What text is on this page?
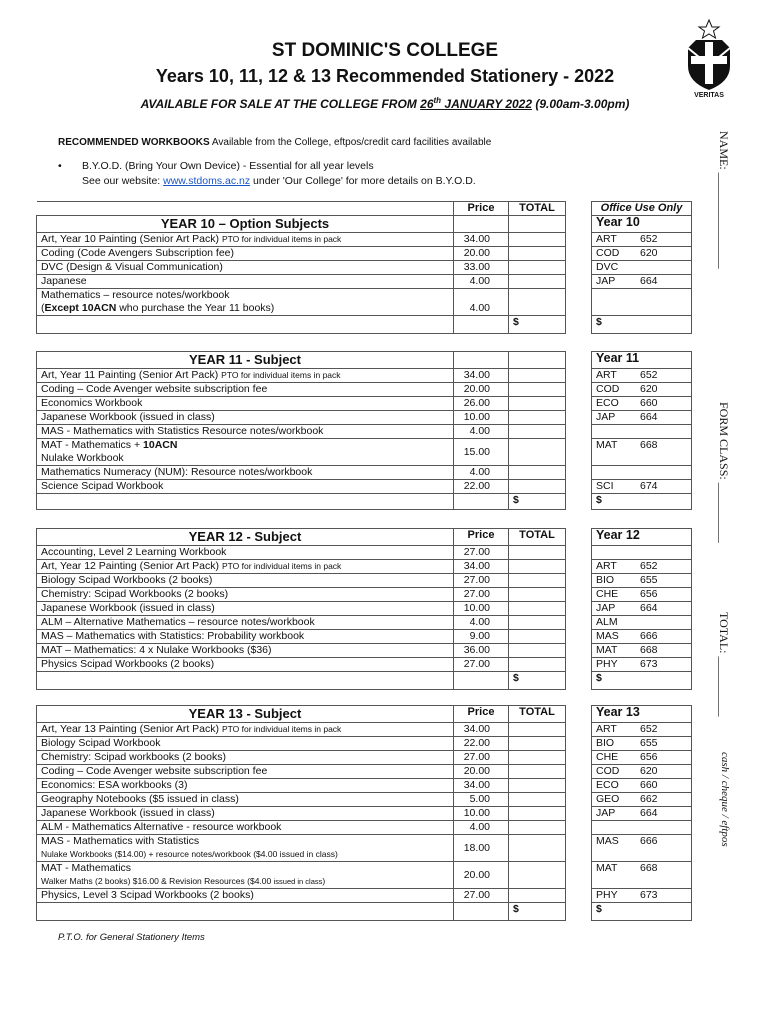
ST DOMINIC'S COLLEGE
Years 10, 11, 12 & 13 Recommended Stationery - 2022
AVAILABLE FOR SALE AT THE COLLEGE FROM 26th JANUARY 2022 (9.00am-3.00pm)
VERITAS
RECOMMENDED WORKBOOKS Available from the College, eftpos/credit card facilities available
• B.Y.O.D. (Bring Your Own Device) - Essential for all year levels
See our website: www.stdoms.ac.nz under 'Our College' for more details on B.Y.O.D.	NAME: ________________
FORM CLASS: __________
TOTAL: __________
cash / cheque / eftpos
	Price	TOTAL		Office Use Only
YEAR 10 – Option Subjects				Year 10
Art, Year 10 Painting (Senior Art Pack) PTO for individual items in pack	34.00			ART 652
Coding (Code Avengers Subscription fee)	20.00			COD 620
DVC (Design & Visual Communication)	33.00			DVC
Japanese	4.00			JAP 664

Mathematics – resource notes/workbook
(Except 10ACN who purchase the Year 11 books)	4.00			
		$		$
YEAR 11 - Subject				Year 11
Art, Year 11 Painting (Senior Art Pack) PTO for individual items in pack	34.00			ART 652
Coding – Code Avenger website subscription fee	20.00			COD 620
Economics Workbook	26.00			ECO 660
Japanese Workbook (issued in class)	10.00			JAP 664
MAS - Mathematics with Statistics Resource notes/workbook	4.00			

MAT - Mathematics + 10ACN
Nulake Workbook	15.00			MAT 668
Mathematics Numeracy (NUM): Resource notes/workbook	4.00			
Science Scipad Workbook	22.00			SCI 674
		$		$
YEAR 12 - Subject	Price	TOTAL		Year 12
Accounting, Level 2 Learning Workbook	27.00			
Art, Year 12 Painting (Senior Art Pack) PTO for individual items in pack	34.00			ART 652
Biology Scipad Workbooks (2 books)	27.00			BIO 655
Chemistry: Scipad Workbooks (2 books)	27.00			CHE 656
Japanese Workbook (issued in class)	10.00			JAP 664
ALM – Alternative Mathematics – resource notes/workbook	4.00			ALM
MAS – Mathematics with Statistics: Probability workbook	9.00			MAS 666
MAT – Mathematics: 4 x Nulake Workbooks ($36)	36.00			MAT 668
Physics Scipad Workbooks (2 books)	27.00			PHY 673
		$		$
YEAR 13 - Subject	Price	TOTAL		Year 13
Art, Year 13 Painting (Senior Art Pack) PTO for individual items in pack	34.00			ART 652
Biology Scipad Workbook	22.00			BIO 655
Chemistry: Scipad workbooks (2 books)	27.00			CHE 656
Coding – Code Avenger website subscription fee	20.00			COD 620
Economics: ESA workbooks (3)	34.00			ECO 660
Geography Notebooks ($5 issued in class)	5.00			GEO 662
Japanese Workbook (issued in class)	10.00			JAP 664
ALM - Mathematics Alternative - resource workbook	4.00			

MAS - Mathematics with Statistics
Nulake Workbooks ($14.00) + resource notes/workbook ($4.00 issued in class)	18.00			MAS 666

MAT - Mathematics
Walker Maths (2 books) $16.00 & Revision Resources ($4.00 issued in class)	20.00			MAT 668
Physics, Level 3 Scipad Workbooks (2 books)	27.00			PHY 673
		$		$
P.T.O. for General Stationery Items
